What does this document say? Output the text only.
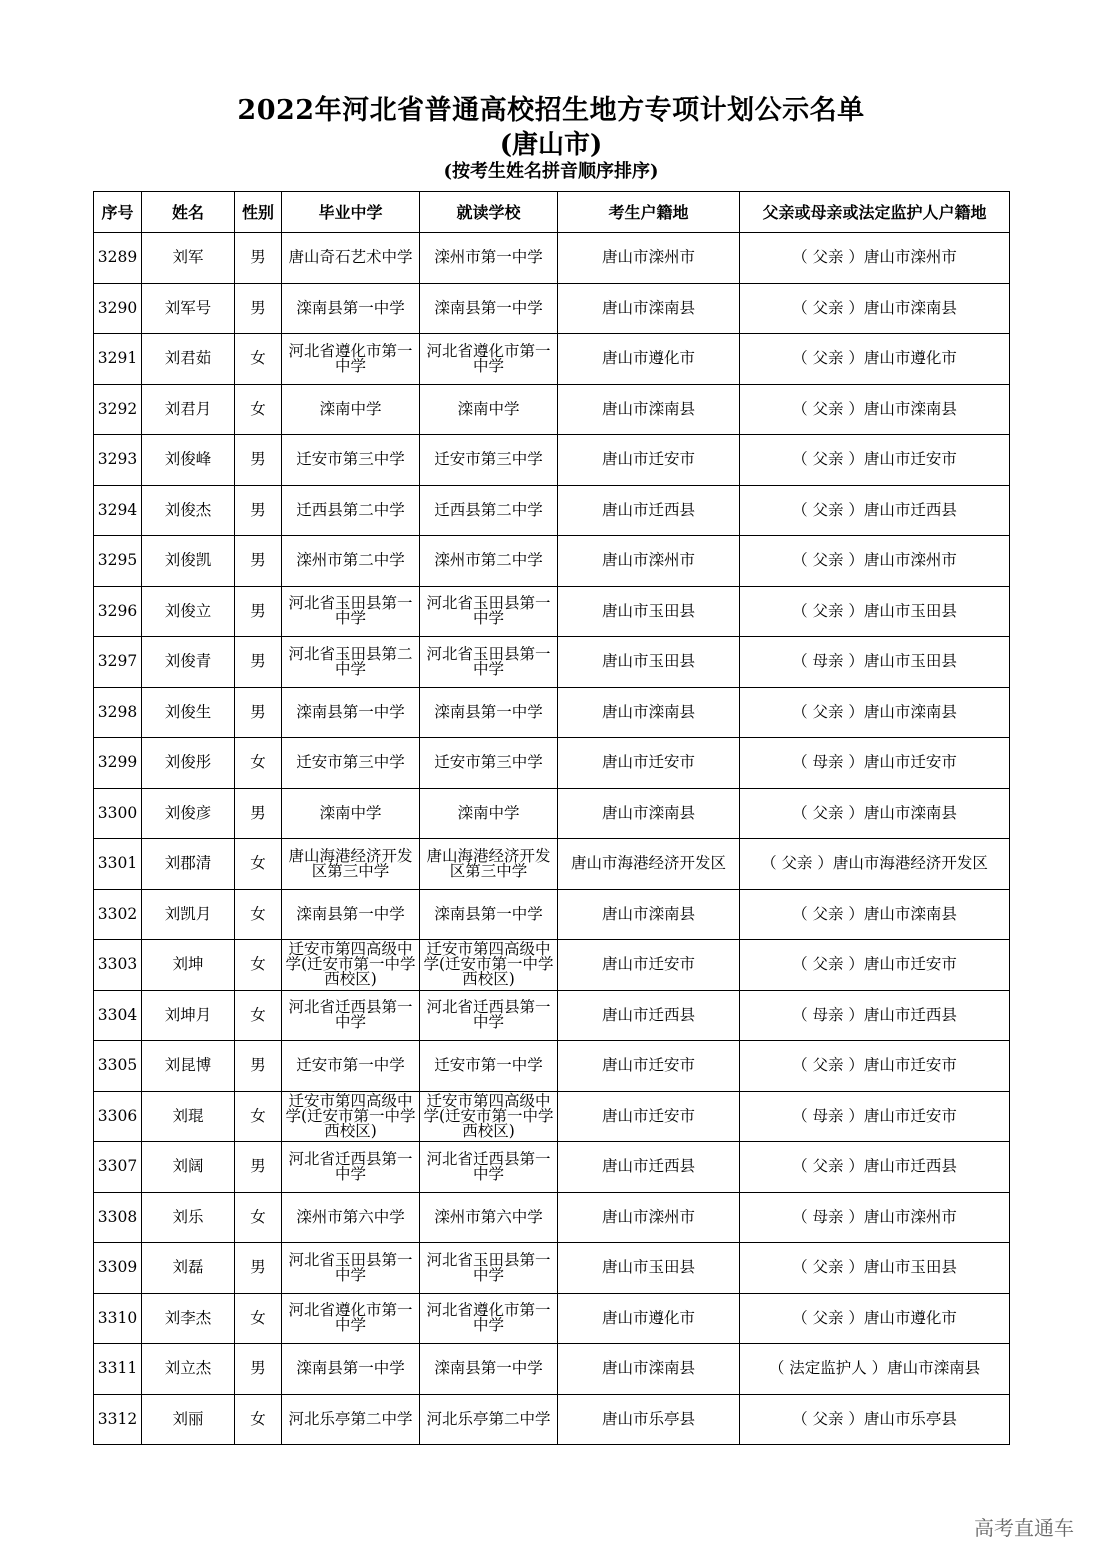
2022年河北省普通高校招生地方专项计划公示名单
(唐山市)
(按考生姓名拼音顺序排序)
序号	姓名	性别	毕业中学	就读学校	考生户籍地	父亲或母亲或法定监护人户籍地
3289	刘军	男	唐山奇石艺术中学	滦州市第一中学	唐山市滦州市	（ 父亲 ）唐山市滦州市
3290	刘军号	男	滦南县第一中学	滦南县第一中学	唐山市滦南县	（ 父亲 ）唐山市滦南县
3291	刘君茹	女	河北省遵化市第一中学	河北省遵化市第一中学	唐山市遵化市	（ 父亲 ）唐山市遵化市
3292	刘君月	女	滦南中学	滦南中学	唐山市滦南县	（ 父亲 ）唐山市滦南县
3293	刘俊峰	男	迁安市第三中学	迁安市第三中学	唐山市迁安市	（ 父亲 ）唐山市迁安市
3294	刘俊杰	男	迁西县第二中学	迁西县第二中学	唐山市迁西县	（ 父亲 ）唐山市迁西县
3295	刘俊凯	男	滦州市第二中学	滦州市第二中学	唐山市滦州市	（ 父亲 ）唐山市滦州市
3296	刘俊立	男	河北省玉田县第一中学	河北省玉田县第一中学	唐山市玉田县	（ 父亲 ）唐山市玉田县
3297	刘俊青	男	河北省玉田县第二中学	河北省玉田县第一中学	唐山市玉田县	（ 母亲 ）唐山市玉田县
3298	刘俊生	男	滦南县第一中学	滦南县第一中学	唐山市滦南县	（ 父亲 ）唐山市滦南县
3299	刘俊彤	女	迁安市第三中学	迁安市第三中学	唐山市迁安市	（ 母亲 ）唐山市迁安市
3300	刘俊彦	男	滦南中学	滦南中学	唐山市滦南县	（ 父亲 ）唐山市滦南县
3301	刘郡清	女	唐山海港经济开发区第三中学	唐山海港经济开发区第三中学	唐山市海港经济开发区	（ 父亲 ）唐山市海港经济开发区
3302	刘凯月	女	滦南县第一中学	滦南县第一中学	唐山市滦南县	（ 父亲 ）唐山市滦南县
3303	刘坤	女	迁安市第四高级中学(迁安市第一中学西校区)	迁安市第四高级中学(迁安市第一中学西校区)	唐山市迁安市	（ 父亲 ）唐山市迁安市
3304	刘坤月	女	河北省迁西县第一中学	河北省迁西县第一中学	唐山市迁西县	（ 母亲 ）唐山市迁西县
3305	刘昆博	男	迁安市第一中学	迁安市第一中学	唐山市迁安市	（ 父亲 ）唐山市迁安市
3306	刘琨	女	迁安市第四高级中学(迁安市第一中学西校区)	迁安市第四高级中学(迁安市第一中学西校区)	唐山市迁安市	（ 母亲 ）唐山市迁安市
3307	刘阔	男	河北省迁西县第一中学	河北省迁西县第一中学	唐山市迁西县	（ 父亲 ）唐山市迁西县
3308	刘乐	女	滦州市第六中学	滦州市第六中学	唐山市滦州市	（ 母亲 ）唐山市滦州市
3309	刘磊	男	河北省玉田县第一中学	河北省玉田县第一中学	唐山市玉田县	（ 父亲 ）唐山市玉田县
3310	刘李杰	女	河北省遵化市第一中学	河北省遵化市第一中学	唐山市遵化市	（ 父亲 ）唐山市遵化市
3311	刘立杰	男	滦南县第一中学	滦南县第一中学	唐山市滦南县	（ 法定监护人 ）唐山市滦南县
3312	刘丽	女	河北乐亭第二中学	河北乐亭第二中学	唐山市乐亭县	（ 父亲 ）唐山市乐亭县
高考直通车
